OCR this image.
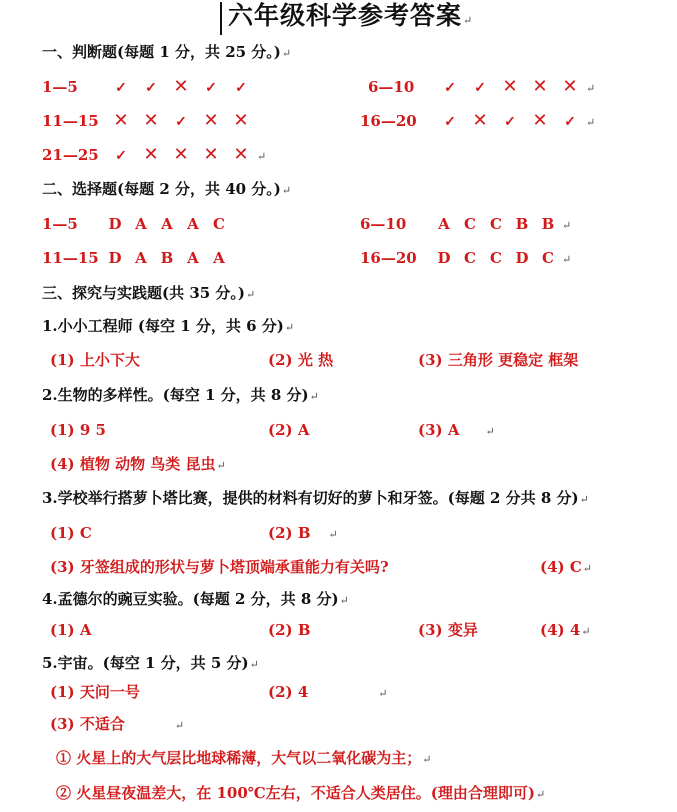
六年级科学参考答案↵
一、判断题(每题 1 分，共 25 分。)↵
1—5	✓ ✓ ✕ ✓ ✓	6—10	✓ ✓ ✕ ✕ ✕ ↵
11—15 ✕ ✕ ✓ ✕ ✕	16—20	✓ ✕ ✓ ✕ ✓ ↵
21—25	✓ ✕ ✕ ✕ ✕ ↵
二、选择题(每题 2 分，共 40 分。)↵
1—5	D A A A C	6—10	A C C B B ↵
11—15 D A B A A	16—20	D C C D C ↵
三、探究与实践题(共 35 分。)↵
1.小小工程师 (每空 1 分，共 6 分)↵
(1) 上小下大	(2) 光 热	(3) 三角形 更稳定 框架
2.生物的多样性。(每空 1 分，共 8 分)↵
(1) 9 5	(2) A	(3) A ↵
(4) 植物 动物 鸟类 昆虫↵
3.学校举行搭萝卜塔比赛，提供的材料有切好的萝卜和牙签。(每题 2 分共 8 分)↵
(1) C	(2) B ↵
(3) 牙签组成的形状与萝卜塔顶端承重能力有关吗?	(4) C↵
4.孟德尔的豌豆实验。(每题 2 分，共 8 分)↵
(1) A	(2) B	(3) 变异	(4) 4↵
5.宇宙。(每空 1 分，共 5 分)↵
(1) 天问一号	(2) 4	↵
(3) 不适合	↵
① 火星上的大气层比地球稀薄，大气以二氧化碳为主；↵
② 火星昼夜温差大，在 100℃左右，不适合人类居住。(理由合理即可)↵
